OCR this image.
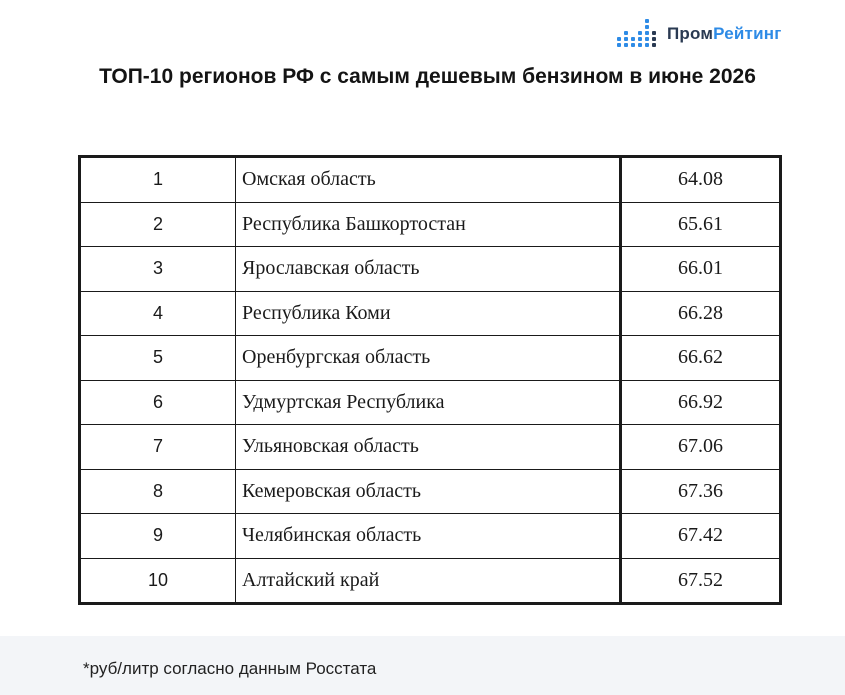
ПромРейтинг
ТОП-10 регионов РФ с самым дешевым бензином в июне 2026
1	Омская область	64.08
2	Республика Башкортостан	65.61
3	Ярославская область	66.01
4	Республика Коми	66.28
5	Оренбургская область	66.62
6	Удмуртская Республика	66.92
7	Ульяновская область	67.06
8	Кемеровская область	67.36
9	Челябинская область	67.42
10	Алтайский край	67.52
*руб/литр согласно данным Росстата
